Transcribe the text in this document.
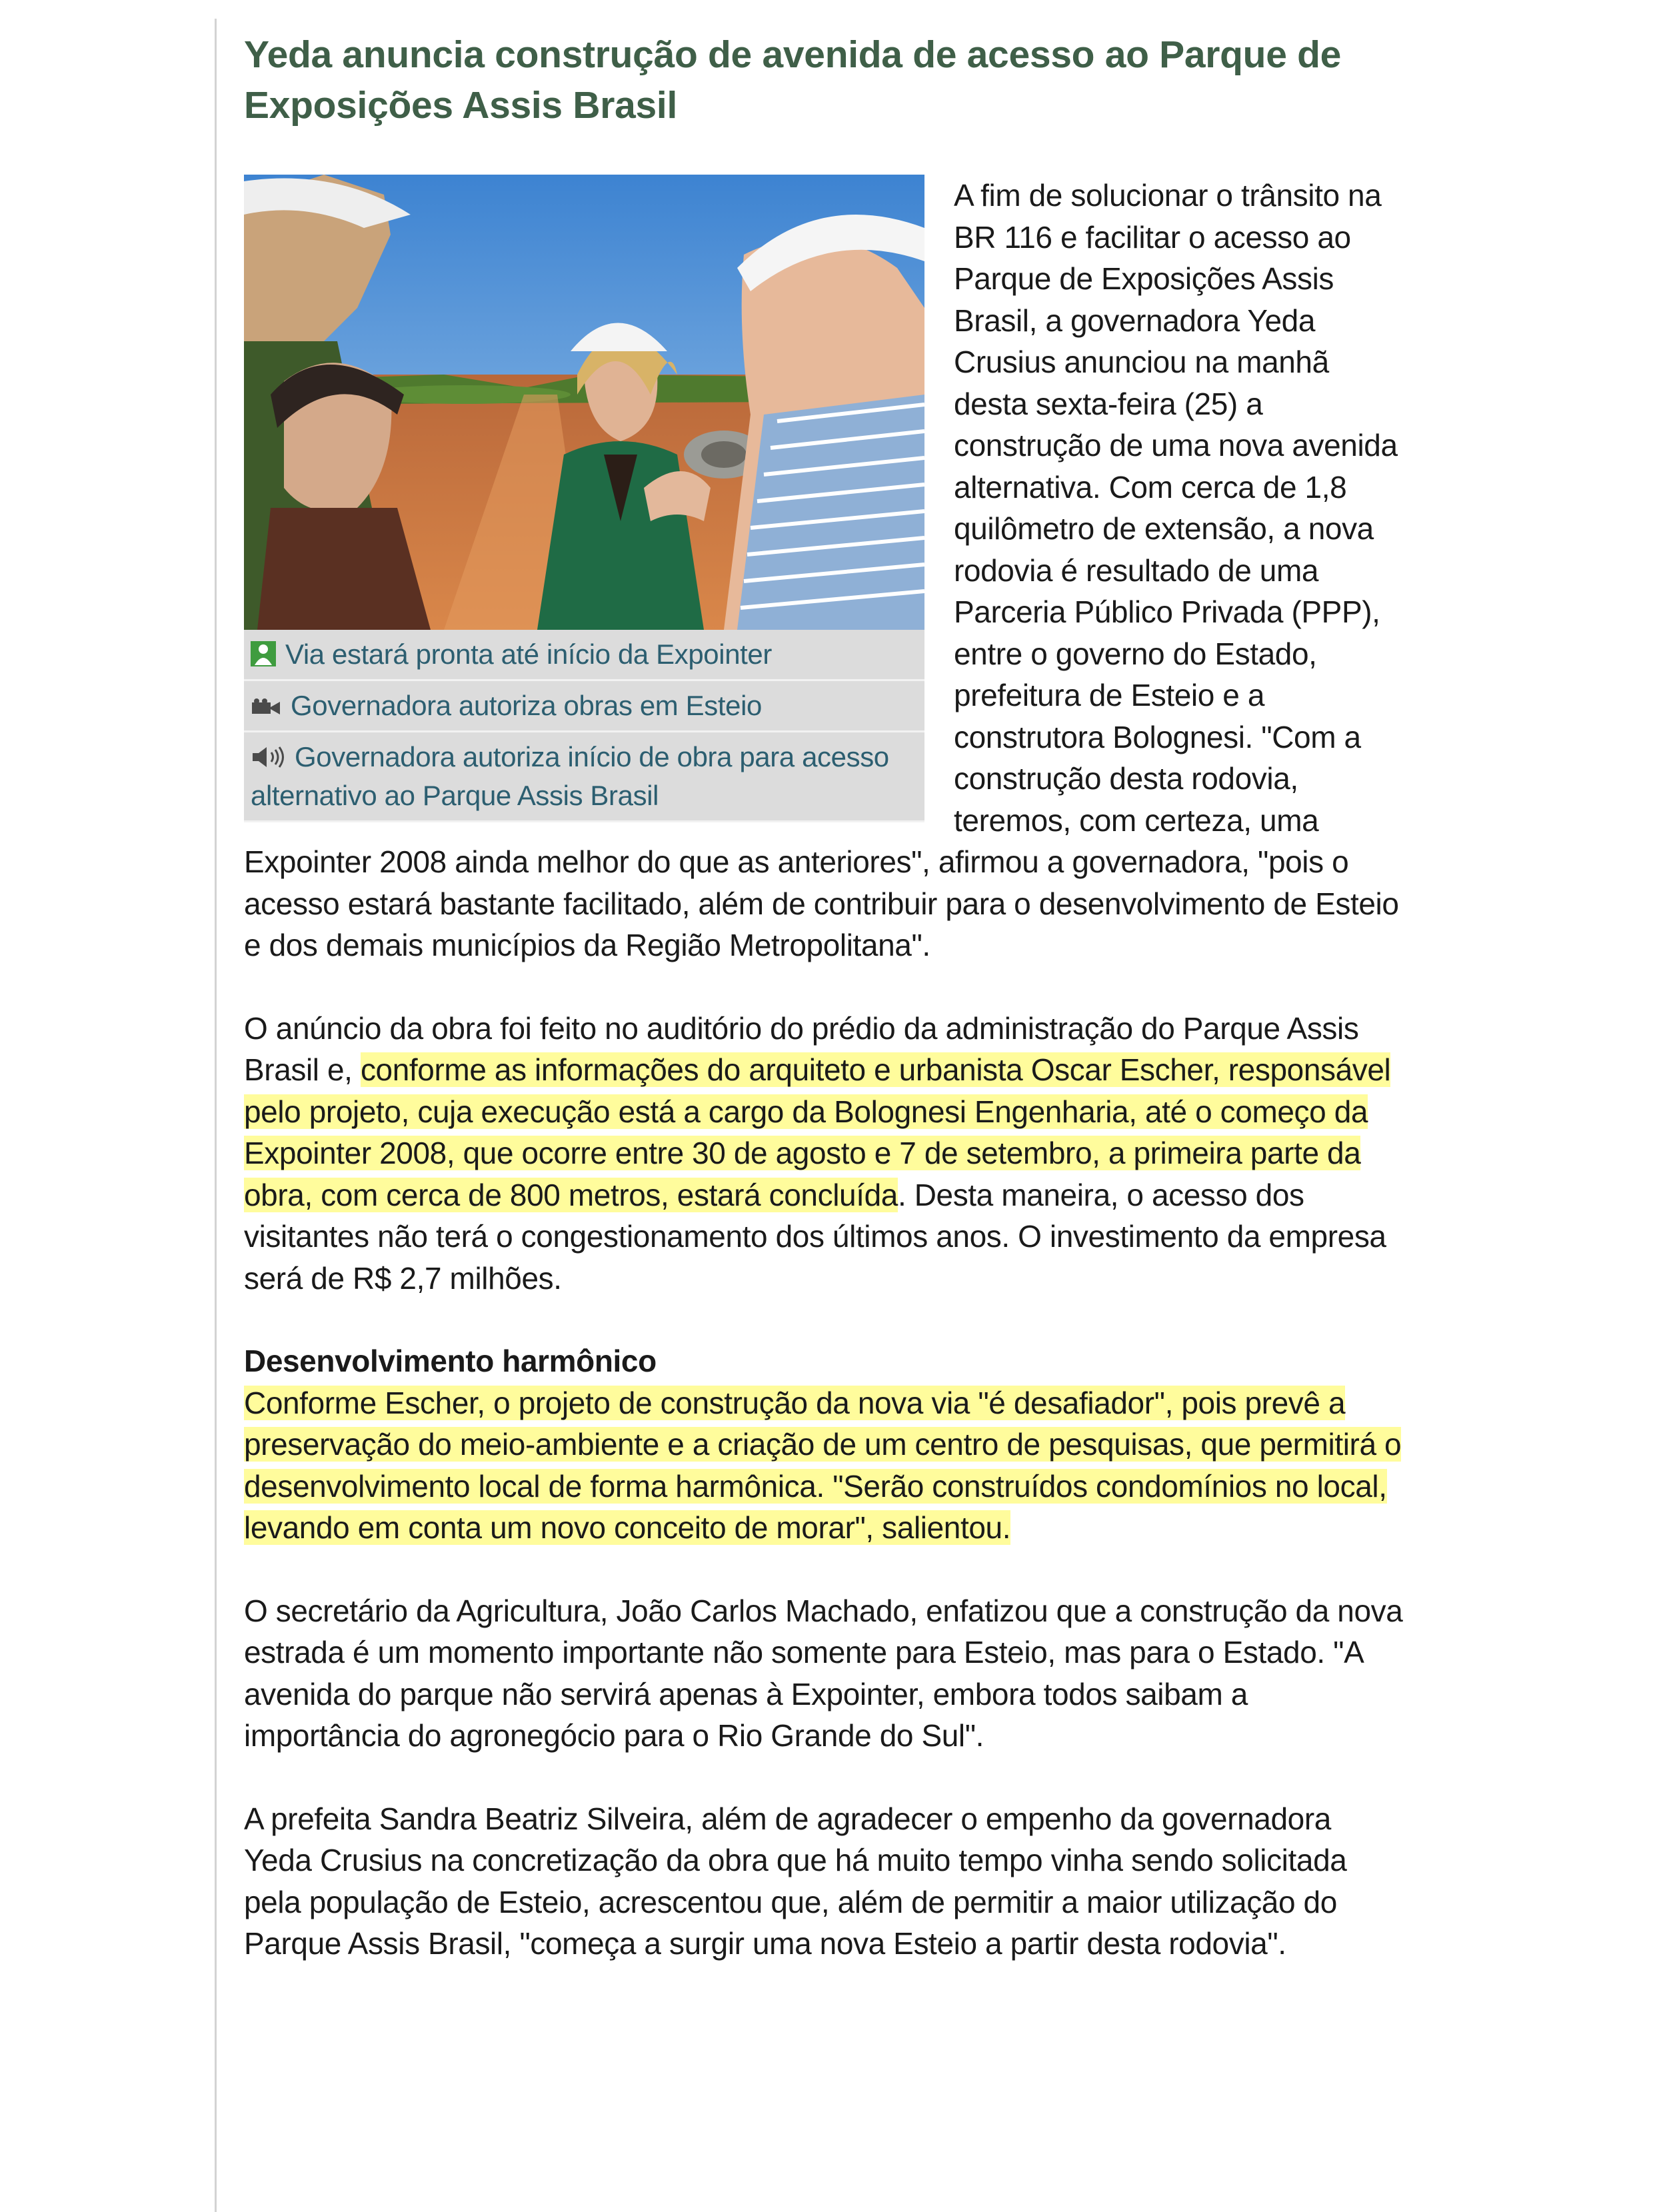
Yeda anuncia construção de avenida de acesso ao Parque de Exposições Assis Brasil
Via estará pronta até início da Expointer
Governadora autoriza obras em Esteio
Governadora autoriza início de obra para acesso alternativo ao Parque Assis Brasil

A fim de solucionar o trânsito na BR 116 e facilitar o acesso ao Parque de Exposições Assis Brasil, a governadora Yeda Crusius anunciou na manhã desta sexta-feira (25) a construção de uma nova avenida alternativa. Com cerca de 1,8 quilômetro de extensão, a nova rodovia é resultado de uma Parceria Público Privada (PPP), entre o governo do Estado, prefeitura de Esteio e a construtora Bolognesi. "Com a construção desta rodovia, teremos, com certeza, uma Expointer 2008 ainda melhor do que as anteriores", afirmou a governadora, "pois o acesso estará bastante facilitado, além de contribuir para o desenvolvimento de Esteio e dos demais municípios da Região Metropolitana".

O anúncio da obra foi feito no auditório do prédio da administração do Parque Assis Brasil e, conforme as informações do arquiteto e urbanista Oscar Escher, responsável pelo projeto, cuja execução está a cargo da Bolognesi Engenharia, até o começo da Expointer 2008, que ocorre entre 30 de agosto e 7 de setembro, a primeira parte da obra, com cerca de 800 metros, estará concluída. Desta maneira, o acesso dos visitantes não terá o congestionamento dos últimos anos. O investimento da empresa será de R$ 2,7 milhões.

Desenvolvimento harmônico

Conforme Escher, o projeto de construção da nova via "é desafiador", pois prevê a preservação do meio-ambiente e a criação de um centro de pesquisas, que permitirá o desenvolvimento local de forma harmônica. "Serão construídos condomínios no local, levando em conta um novo conceito de morar", salientou.

O secretário da Agricultura, João Carlos Machado, enfatizou que a construção da nova estrada é um momento importante não somente para Esteio, mas para o Estado. "A avenida do parque não servirá apenas à Expointer, embora todos saibam a importância do agronegócio para o Rio Grande do Sul".

A prefeita Sandra Beatriz Silveira, além de agradecer o empenho da governadora Yeda Crusius na concretização da obra que há muito tempo vinha sendo solicitada pela população de Esteio, acrescentou que, além de permitir a maior utilização do Parque Assis Brasil, "começa a surgir uma nova Esteio a partir desta rodovia".
